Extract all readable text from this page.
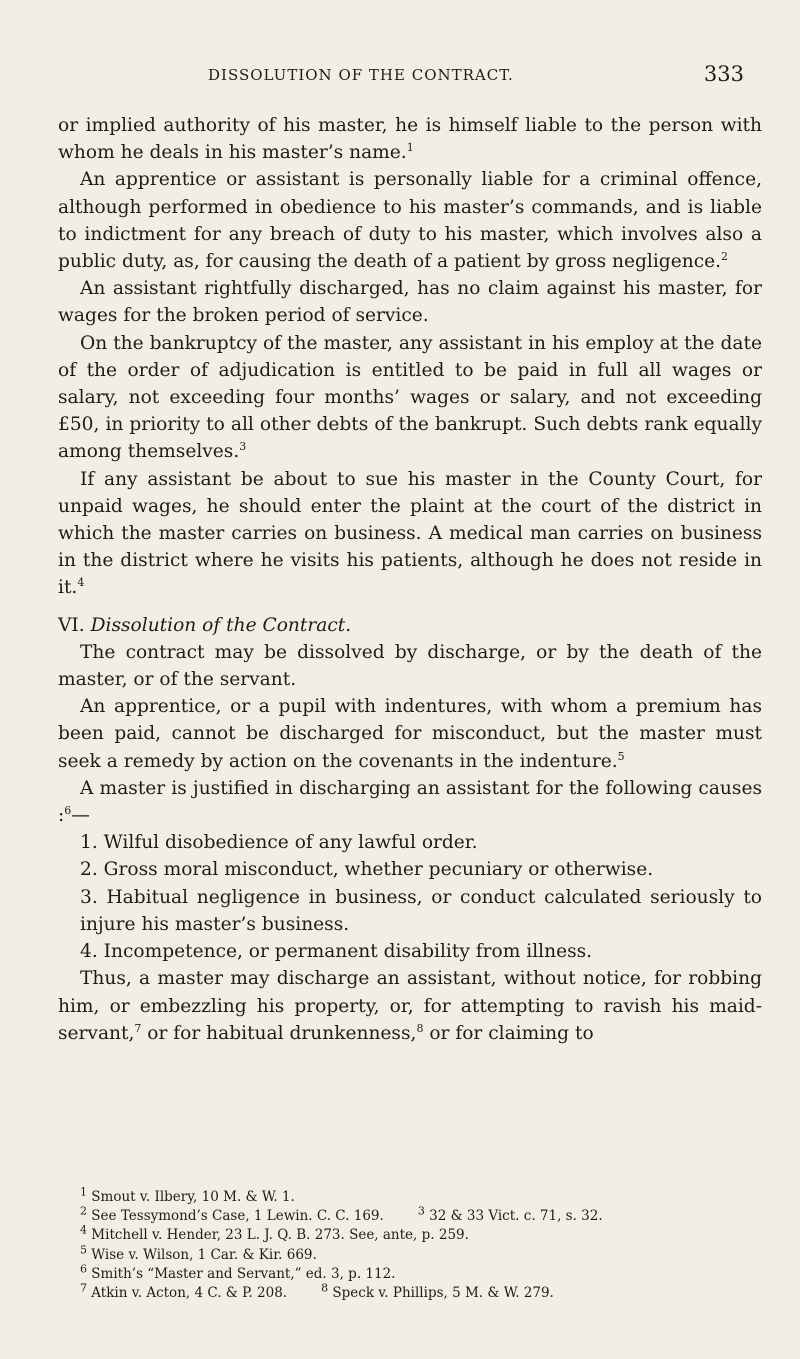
DISSOLUTION OF THE CONTRACT.	333

or implied authority of his master, he is himself liable to the person with whom he deals in his master’s name.$^1$

An apprentice or assistant is personally liable for a criminal offence, although performed in obedience to his master’s commands, and is liable to indictment for any breach of duty to his master, which involves also a public duty, as, for causing the death of a patient by gross negligence.$^2$

An assistant rightfully discharged, has no claim against his master, for wages for the broken period of service.

On the bankruptcy of the master, any assistant in his employ at the date of the order of adjudication is entitled to be paid in full all wages or salary, not exceeding four months’ wages or salary, and not exceeding £50, in priority to all other debts of the bankrupt. Such debts rank equally among themselves.$^3$

If any assistant be about to sue his master in the County Court, for unpaid wages, he should enter the plaint at the court of the district in which the master carries on business. A medical man carries on business in the district where he visits his patients, although he does not reside in it.$^4$

VI. Dissolution of the Contract.

The contract may be dissolved by discharge, or by the death of the master, or of the servant.

An apprentice, or a pupil with indentures, with whom a premium has been paid, cannot be discharged for misconduct, but the master must seek a remedy by action on the covenants in the indenture.$^5$

A master is justified in discharging an assistant for the following causes :$^6$—

1. Wilful disobedience of any lawful order.

2. Gross moral misconduct, whether pecuniary or otherwise.

3. Habitual negligence in business, or conduct calculated seriously to injure his master’s business.

4. Incompetence, or permanent disability from illness.

Thus, a master may discharge an assistant, without notice, for robbing him, or embezzling his property, or, for attempting to ravish his maid-servant,$^7$ or for habitual drunkenness,$^8$ or for claiming to

$^1$ Smout v. Ilbery, 10 M. & W. 1.
$^2$ See Tessymond’s Case, 1 Lewin. C. C. 169.	$^3$ 32 & 33 Vict. c. 71, s. 32.
$^4$ Mitchell v. Hender, 23 L. J. Q. B. 273. See, ante, p. 259.
$^5$ Wise v. Wilson, 1 Car. & Kir. 669.
$^6$ Smith’s “Master and Servant,” ed. 3, p. 112.
$^7$ Atkin v. Acton, 4 C. & P. 208.	$^8$ Speck v. Phillips, 5 M. & W. 279.
